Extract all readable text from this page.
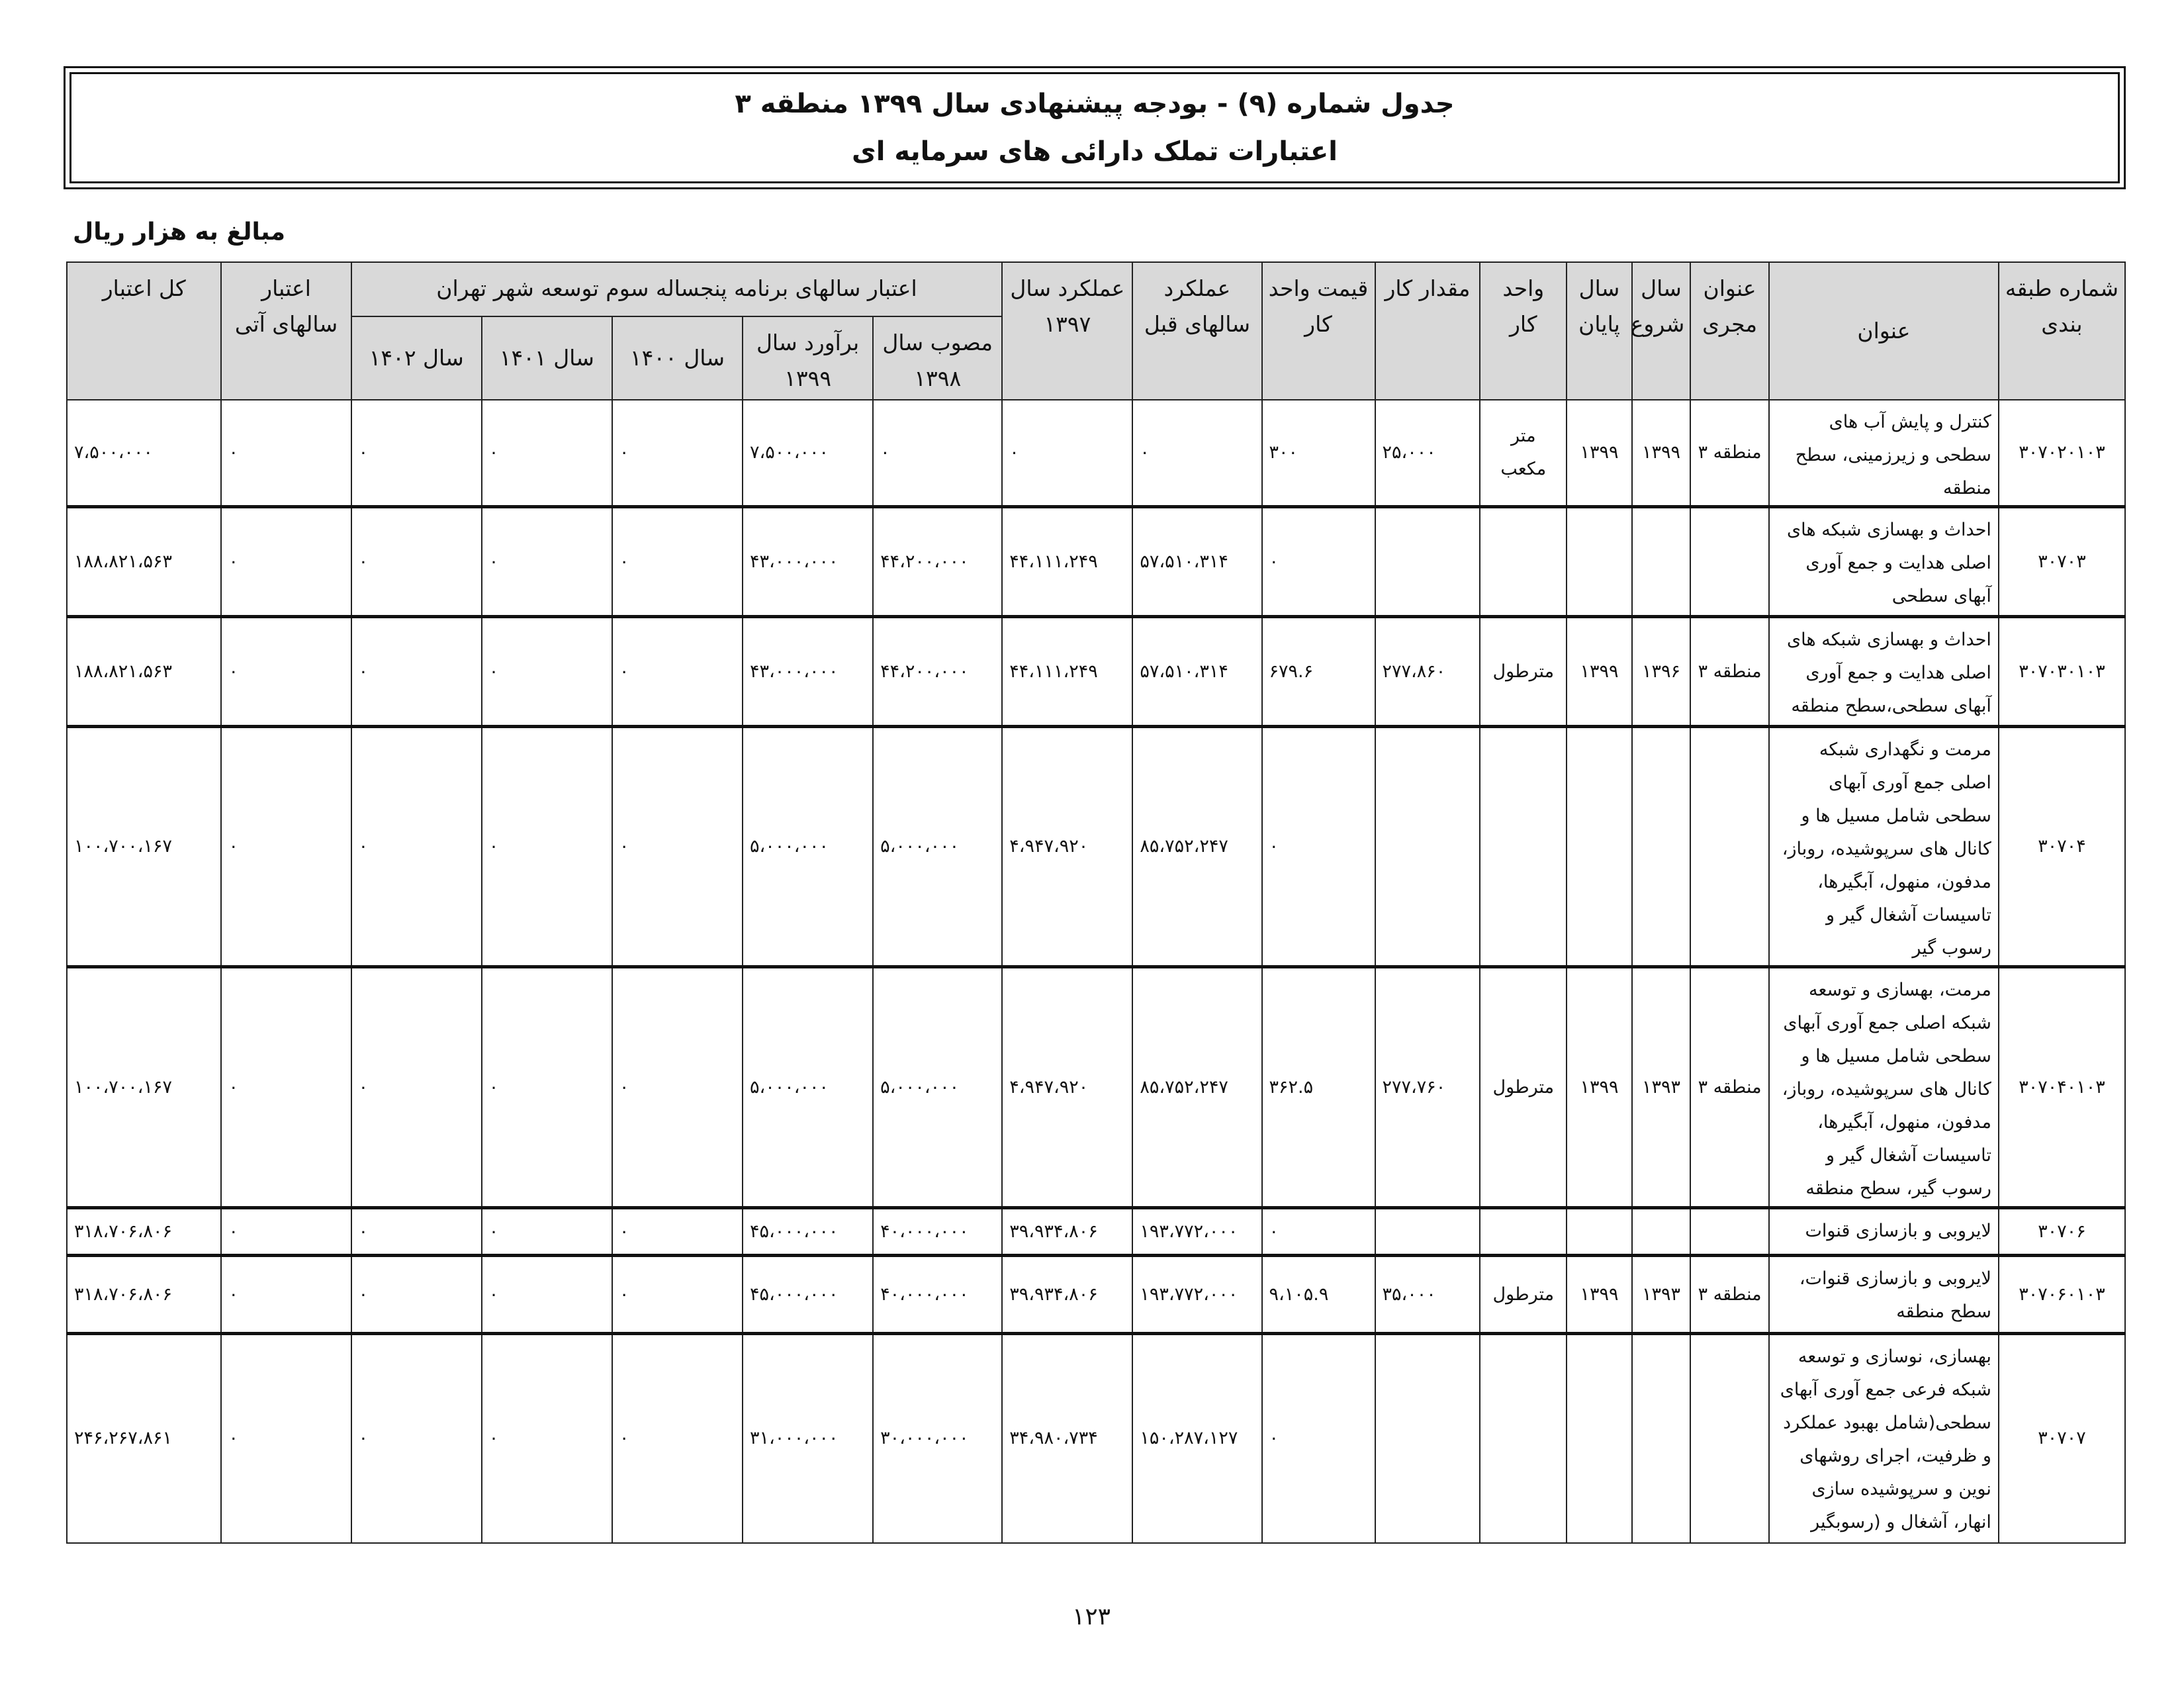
جدول شماره (۹) - بودجه پیشنهادی سال ۱۳۹۹ منطقه ۳
اعتبارات تملک دارائی های سرمایه ای
مبالغ به هزار ریال
شماره طبقه بندی	عنوان	عنوان مجری	سال شروع	سال پایان	واحد کار	مقدار کار	قیمت واحد کار	عملکرد سالهای قبل	عملکرد سال ۱۳۹۷	اعتبار سالهای برنامه پنجساله سوم توسعه شهر تهران					اعتبار سالهای آتی	کل اعتبار
										مصوب سال ۱۳۹۸	برآورد سال ۱۳۹۹	سال ۱۴۰۰	سال ۱۴۰۱	سال ۱۴۰۲		
۳۰۷۰۲۰۱۰۳	کنترل و پایش آب های سطحی و زیرزمینی، سطح منطقه	منطقه ۳	۱۳۹۹	۱۳۹۹	متر مکعب	۲۵،۰۰۰	۳۰۰	۰	۰	۰	۷،۵۰۰،۰۰۰	۰	۰	۰	۰	۷،۵۰۰،۰۰۰
۳۰۷۰۳	احداث و بهسازی شبکه های اصلی هدایت و جمع آوری آبهای سطحی						۰	۵۷،۵۱۰،۳۱۴	۴۴،۱۱۱،۲۴۹	۴۴،۲۰۰،۰۰۰	۴۳،۰۰۰،۰۰۰	۰	۰	۰	۰	۱۸۸،۸۲۱،۵۶۳
۳۰۷۰۳۰۱۰۳	احداث و بهسازی شبکه های اصلی هدایت و جمع آوری آبهای سطحی،سطح منطقه	منطقه ۳	۱۳۹۶	۱۳۹۹	مترطول	۲۷۷،۸۶۰	۶۷۹.۶	۵۷،۵۱۰،۳۱۴	۴۴،۱۱۱،۲۴۹	۴۴،۲۰۰،۰۰۰	۴۳،۰۰۰،۰۰۰	۰	۰	۰	۰	۱۸۸،۸۲۱،۵۶۳
۳۰۷۰۴	مرمت و نگهداری شبکه اصلی جمع آوری آبهای سطحی شامل مسیل ها و کانال های سرپوشیده، روباز، مدفون، منهول، آبگیرها، تاسیسات آشغال گیر و رسوب گیر						۰	۸۵،۷۵۲،۲۴۷	۴،۹۴۷،۹۲۰	۵،۰۰۰،۰۰۰	۵،۰۰۰،۰۰۰	۰	۰	۰	۰	۱۰۰،۷۰۰،۱۶۷
۳۰۷۰۴۰۱۰۳	مرمت، بهسازی و توسعه شبکه اصلی جمع آوری آبهای سطحی شامل مسیل ها و کانال های سرپوشیده، روباز، مدفون، منهول، آبگیرها، تاسیسات آشغال گیر و رسوب گیر، سطح منطقه	منطقه ۳	۱۳۹۳	۱۳۹۹	مترطول	۲۷۷،۷۶۰	۳۶۲.۵	۸۵،۷۵۲،۲۴۷	۴،۹۴۷،۹۲۰	۵،۰۰۰،۰۰۰	۵،۰۰۰،۰۰۰	۰	۰	۰	۰	۱۰۰،۷۰۰،۱۶۷
۳۰۷۰۶	لایروبی و بازسازی قنوات						۰	۱۹۳،۷۷۲،۰۰۰	۳۹،۹۳۴،۸۰۶	۴۰،۰۰۰،۰۰۰	۴۵،۰۰۰،۰۰۰	۰	۰	۰	۰	۳۱۸،۷۰۶،۸۰۶
۳۰۷۰۶۰۱۰۳	لایروبی و بازسازی قنوات، سطح منطقه	منطقه ۳	۱۳۹۳	۱۳۹۹	مترطول	۳۵،۰۰۰	۹،۱۰۵.۹	۱۹۳،۷۷۲،۰۰۰	۳۹،۹۳۴،۸۰۶	۴۰،۰۰۰،۰۰۰	۴۵،۰۰۰،۰۰۰	۰	۰	۰	۰	۳۱۸،۷۰۶،۸۰۶
۳۰۷۰۷	بهسازی، نوسازی و توسعه شبکه فرعی جمع آوری آبهای سطحی(شامل بهبود عملکرد و ظرفیت، اجرای روشهای نوین و سرپوشیده سازی انهار، آشغال و (رسوبگیر						۰	۱۵۰،۲۸۷،۱۲۷	۳۴،۹۸۰،۷۳۴	۳۰،۰۰۰،۰۰۰	۳۱،۰۰۰،۰۰۰	۰	۰	۰	۰	۲۴۶،۲۶۷،۸۶۱
۱۲۳
